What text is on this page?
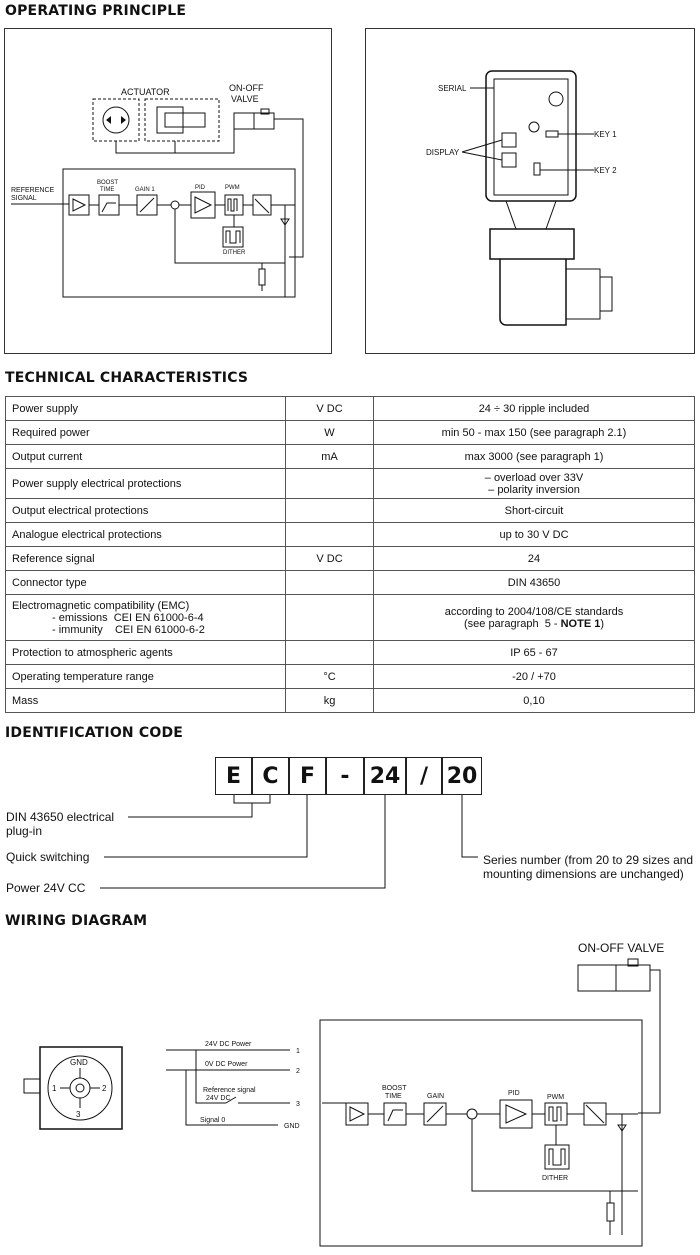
OPERATING PRINCIPLE
ACTUATOR	ON-OFF
VALVE
REFERENCE
SIGNAL
BOOST
TIME	GAIN 1	PID	PWM
DITHER
SERIAL
DISPLAY
KEY 1
KEY 2
TECHNICAL CHARACTERISTICS
Power supply	V DC	24 ÷ 30 ripple included
Required power	W	min 50 - max 150 (see paragraph 2.1)
Output current	mA	max 3000 (see paragraph 1)
Power supply electrical protections		– overload over 33V
– polarity inversion

Output electrical protections		Short-circuit
Analogue electrical protections		up to 30 V DC
Reference signal	V DC	24
Connector type		DIN 43650

Electromagnetic compatibility (EMC)
- emissions  CEI EN 61000-6-4
- immunity    CEI EN 61000-6-2		according to 2004/108/CE standards
(see paragraph  5 - NOTE 1)

Protection to atmospheric agents		IP 65 - 67
Operating temperature range	°C	-20 / +70
Mass	kg	0,10
IDENTIFICATION CODE
E C F	- 24 / 20
DIN 43650 electrical
plug-in
Quick switching
Power 24V CC
Series number (from 20 to 29 sizes and
mounting dimensions are unchanged)
WIRING DIAGRAM
ON-OFF VALVE
GND
1	2
3
24V DC Power
0V DC Power
Reference signal
24V DC
Signal 0
1
2
3
GND
BOOST
TIME	GAIN	PID
PWM
DITHER
